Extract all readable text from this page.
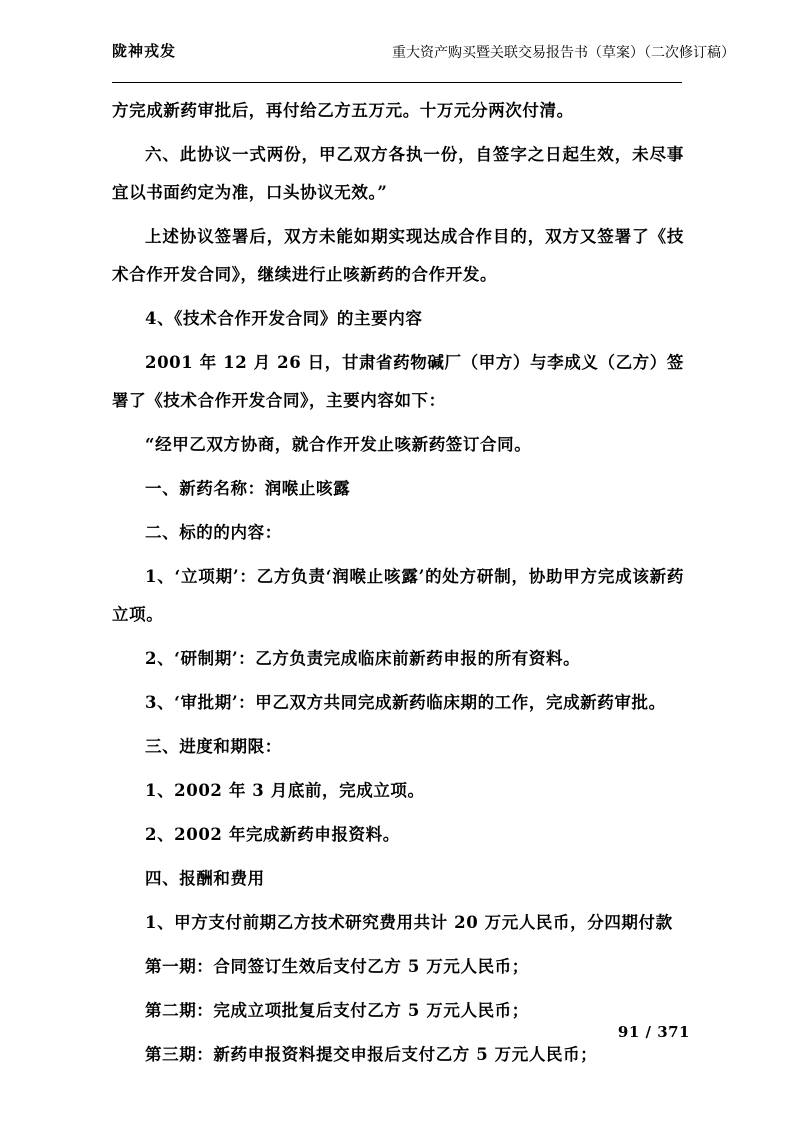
陇神戎发	重大资产购买暨关联交易报告书（草案）（二次修订稿）

方完成新药审批后，再付给乙方五万元。十万元分两次付清。

六、此协议一式两份，甲乙双方各执一份，自签字之日起生效，未尽事宜以书面约定为准，口头协议无效。”

上述协议签署后，双方未能如期实现达成合作目的，双方又签署了《技术合作开发合同》，继续进行止咳新药的合作开发。

4、《技术合作开发合同》的主要内容

2001 年 12 月 26 日，甘肃省药物碱厂（甲方）与李成义（乙方）签署了《技术合作开发合同》，主要内容如下：

“经甲乙双方协商，就合作开发止咳新药签订合同。

一、新药名称：润喉止咳露

二、标的的内容：

1、‘立项期’：乙方负责‘润喉止咳露’的处方研制，协助甲方完成该新药立项。

2、‘研制期’：乙方负责完成临床前新药申报的所有资料。

3、‘审批期’：甲乙双方共同完成新药临床期的工作，完成新药审批。

三、进度和期限：

1、2002 年 3 月底前，完成立项。

2、2002 年完成新药申报资料。

四、报酬和费用

1、甲方支付前期乙方技术研究费用共计 20 万元人民币，分四期付款

第一期：合同签订生效后支付乙方 5 万元人民币；

第二期：完成立项批复后支付乙方 5 万元人民币；

第三期：新药申报资料提交申报后支付乙方 5 万元人民币；

91 / 371
